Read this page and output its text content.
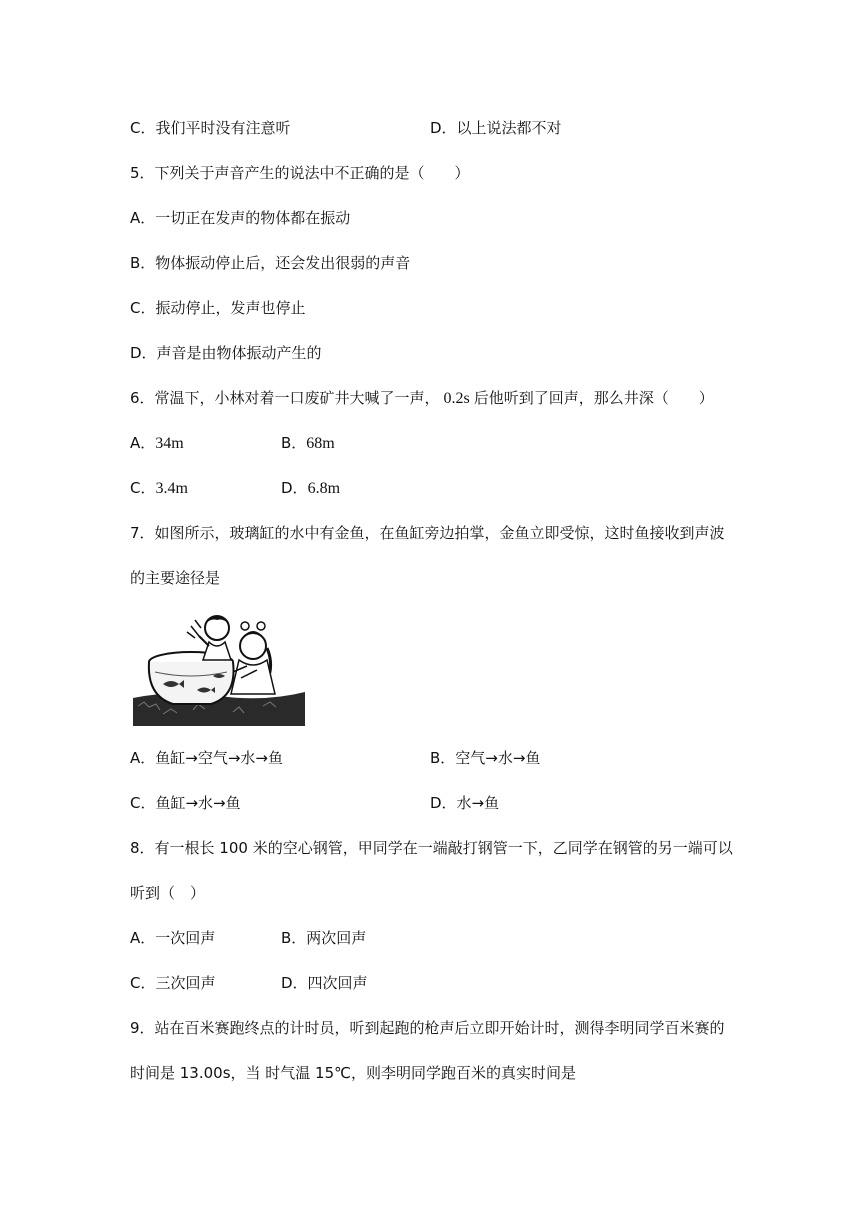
C．我们平时没有注意听	D．以上说法都不对
5．下列关于声音产生的说法中不正确的是（　　）
A．一切正在发声的物体都在振动
B．物体振动停止后，还会发出很弱的声音
C．振动停止，发声也停止
D．声音是由物体振动产生的
6．常温下，小林对着一口废矿井大喊了一声， 0.2s 后他听到了回声，那么井深（　　）
A．34m	B．68m
C．3.4m	D．6.8m
7．如图所示，玻璃缸的水中有金鱼，在鱼缸旁边拍掌，金鱼立即受惊，这时鱼接收到声波
的主要途径是
A．鱼缸→空气→水→鱼	B．空气→水→鱼
C．鱼缸→水→鱼	D．水→鱼
8．有一根长 100 米的空心钢管，甲同学在一端敲打钢管一下，乙同学在钢管的另一端可以
听到（　）
A．一次回声	B．两次回声
C．三次回声	D．四次回声
9．站在百米赛跑终点的计时员，听到起跑的枪声后立即开始计时，测得李明同学百米赛的
时间是 13.00s，当 时气温 15℃，则李明同学跑百米的真实时间是
